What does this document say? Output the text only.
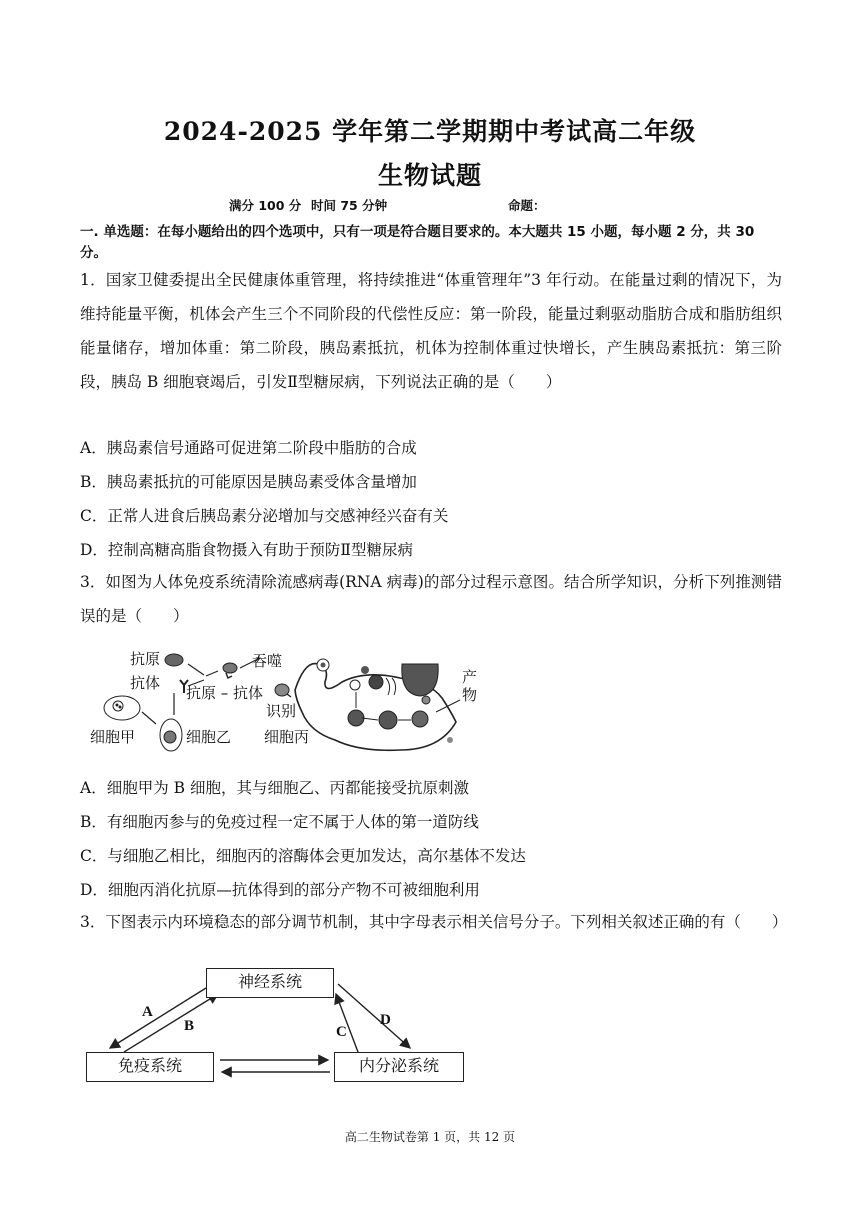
2024-2025 学年第二学期期中考试高二年级
生物试题
满分 100 分 时间 75 分钟	命题：
一. 单选题：在每小题给出的四个选项中，只有一项是符合题目要求的。本大题共 15 小题，每小题 2 分，共 30 分。
1．国家卫健委提出全民健康体重管理，将持续推进“体重管理年”3 年行动。在能量过剩的情况下，为维持能量平衡，机体会产生三个不同阶段的代偿性反应：第一阶段，能量过剩驱动脂肪合成和脂肪组织能量储存，增加体重：第二阶段，胰岛素抵抗，机体为控制体重过快增长，产生胰岛素抵抗：第三阶段，胰岛 B 细胞衰竭后，引发Ⅱ型糖尿病，下列说法正确的是（　　）
A．胰岛素信号通路可促进第二阶段中脂肪的合成
B．胰岛素抵抗的可能原因是胰岛素受体含量增加
C．正常人进食后胰岛素分泌增加与交感神经兴奋有关
D．控制高糖高脂食物摄入有助于预防Ⅱ型糖尿病
3．如图为人体免疫系统清除流感病毒(RNA 病毒)的部分过程示意图。结合所学知识，分析下列推测错误的是（　　）
抗原
抗体
抗原 – 抗体
吞噬
识别
细胞甲	细胞乙 细胞丙
产物
A．细胞甲为 B 细胞，其与细胞乙、丙都能接受抗原刺激
B．有细胞丙参与的免疫过程一定不属于人体的第一道防线
C．与细胞乙相比，细胞丙的溶酶体会更加发达，高尔基体不发达
D．细胞丙消化抗原—抗体得到的部分产物不可被细胞利用
3．下图表示内环境稳态的部分调节机制，其中字母表示相关信号分子。下列相关叙述正确的有（　　）
神经系统
免疫系统	内分泌系统
A
B	C
D
高二生物试卷第 1 页，共 12 页
